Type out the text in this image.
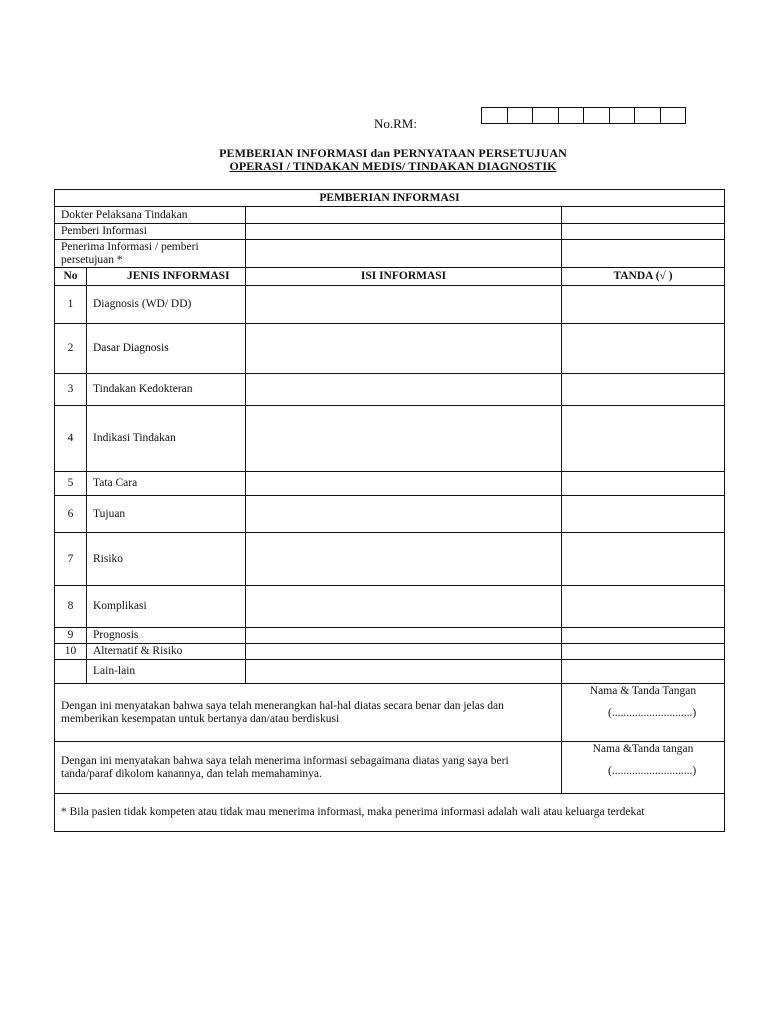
No.RM:
PEMBERIAN INFORMASI dan PERNYATAAN PERSETUJUAN
OPERASI / TINDAKAN MEDIS/ TINDAKAN DIAGNOSTIK
PEMBERIAN INFORMASI			
Dokter Pelaksana Tindakan			
Pemberi Informasi			
Penerima Informasi / pemberi persetujuan *			
No	JENIS INFORMASI	ISI INFORMASI	TANDA (√ )
1	Diagnosis (WD/ DD)		
2	Dasar Diagnosis		
3	Tindakan Kedokteran		
4	Indikasi Tindakan		
5	Tata Cara		
6	Tujuan		
7	Risiko		
8	Komplikasi		
9	Prognosis		
10	Alternatif & Risiko		
	Lain-lain		
Dengan ini menyatakan bahwa saya telah menerangkan hal-hal diatas secara benar dan jelas dan memberikan kesempatan untuk bertanya dan/atau berdiskusi			Nama & Tanda Tangan
(............................)

Dengan ini menyatakan bahwa saya telah menerima informasi sebagaimana diatas yang saya beri tanda/paraf dikolom kanannya, dan telah memahaminya.			Nama &Tanda tangan
(............................)

* Bila pasien tidak kompeten atau tidak mau menerima informasi, maka penerima informasi adalah wali atau keluarga terdekat			
